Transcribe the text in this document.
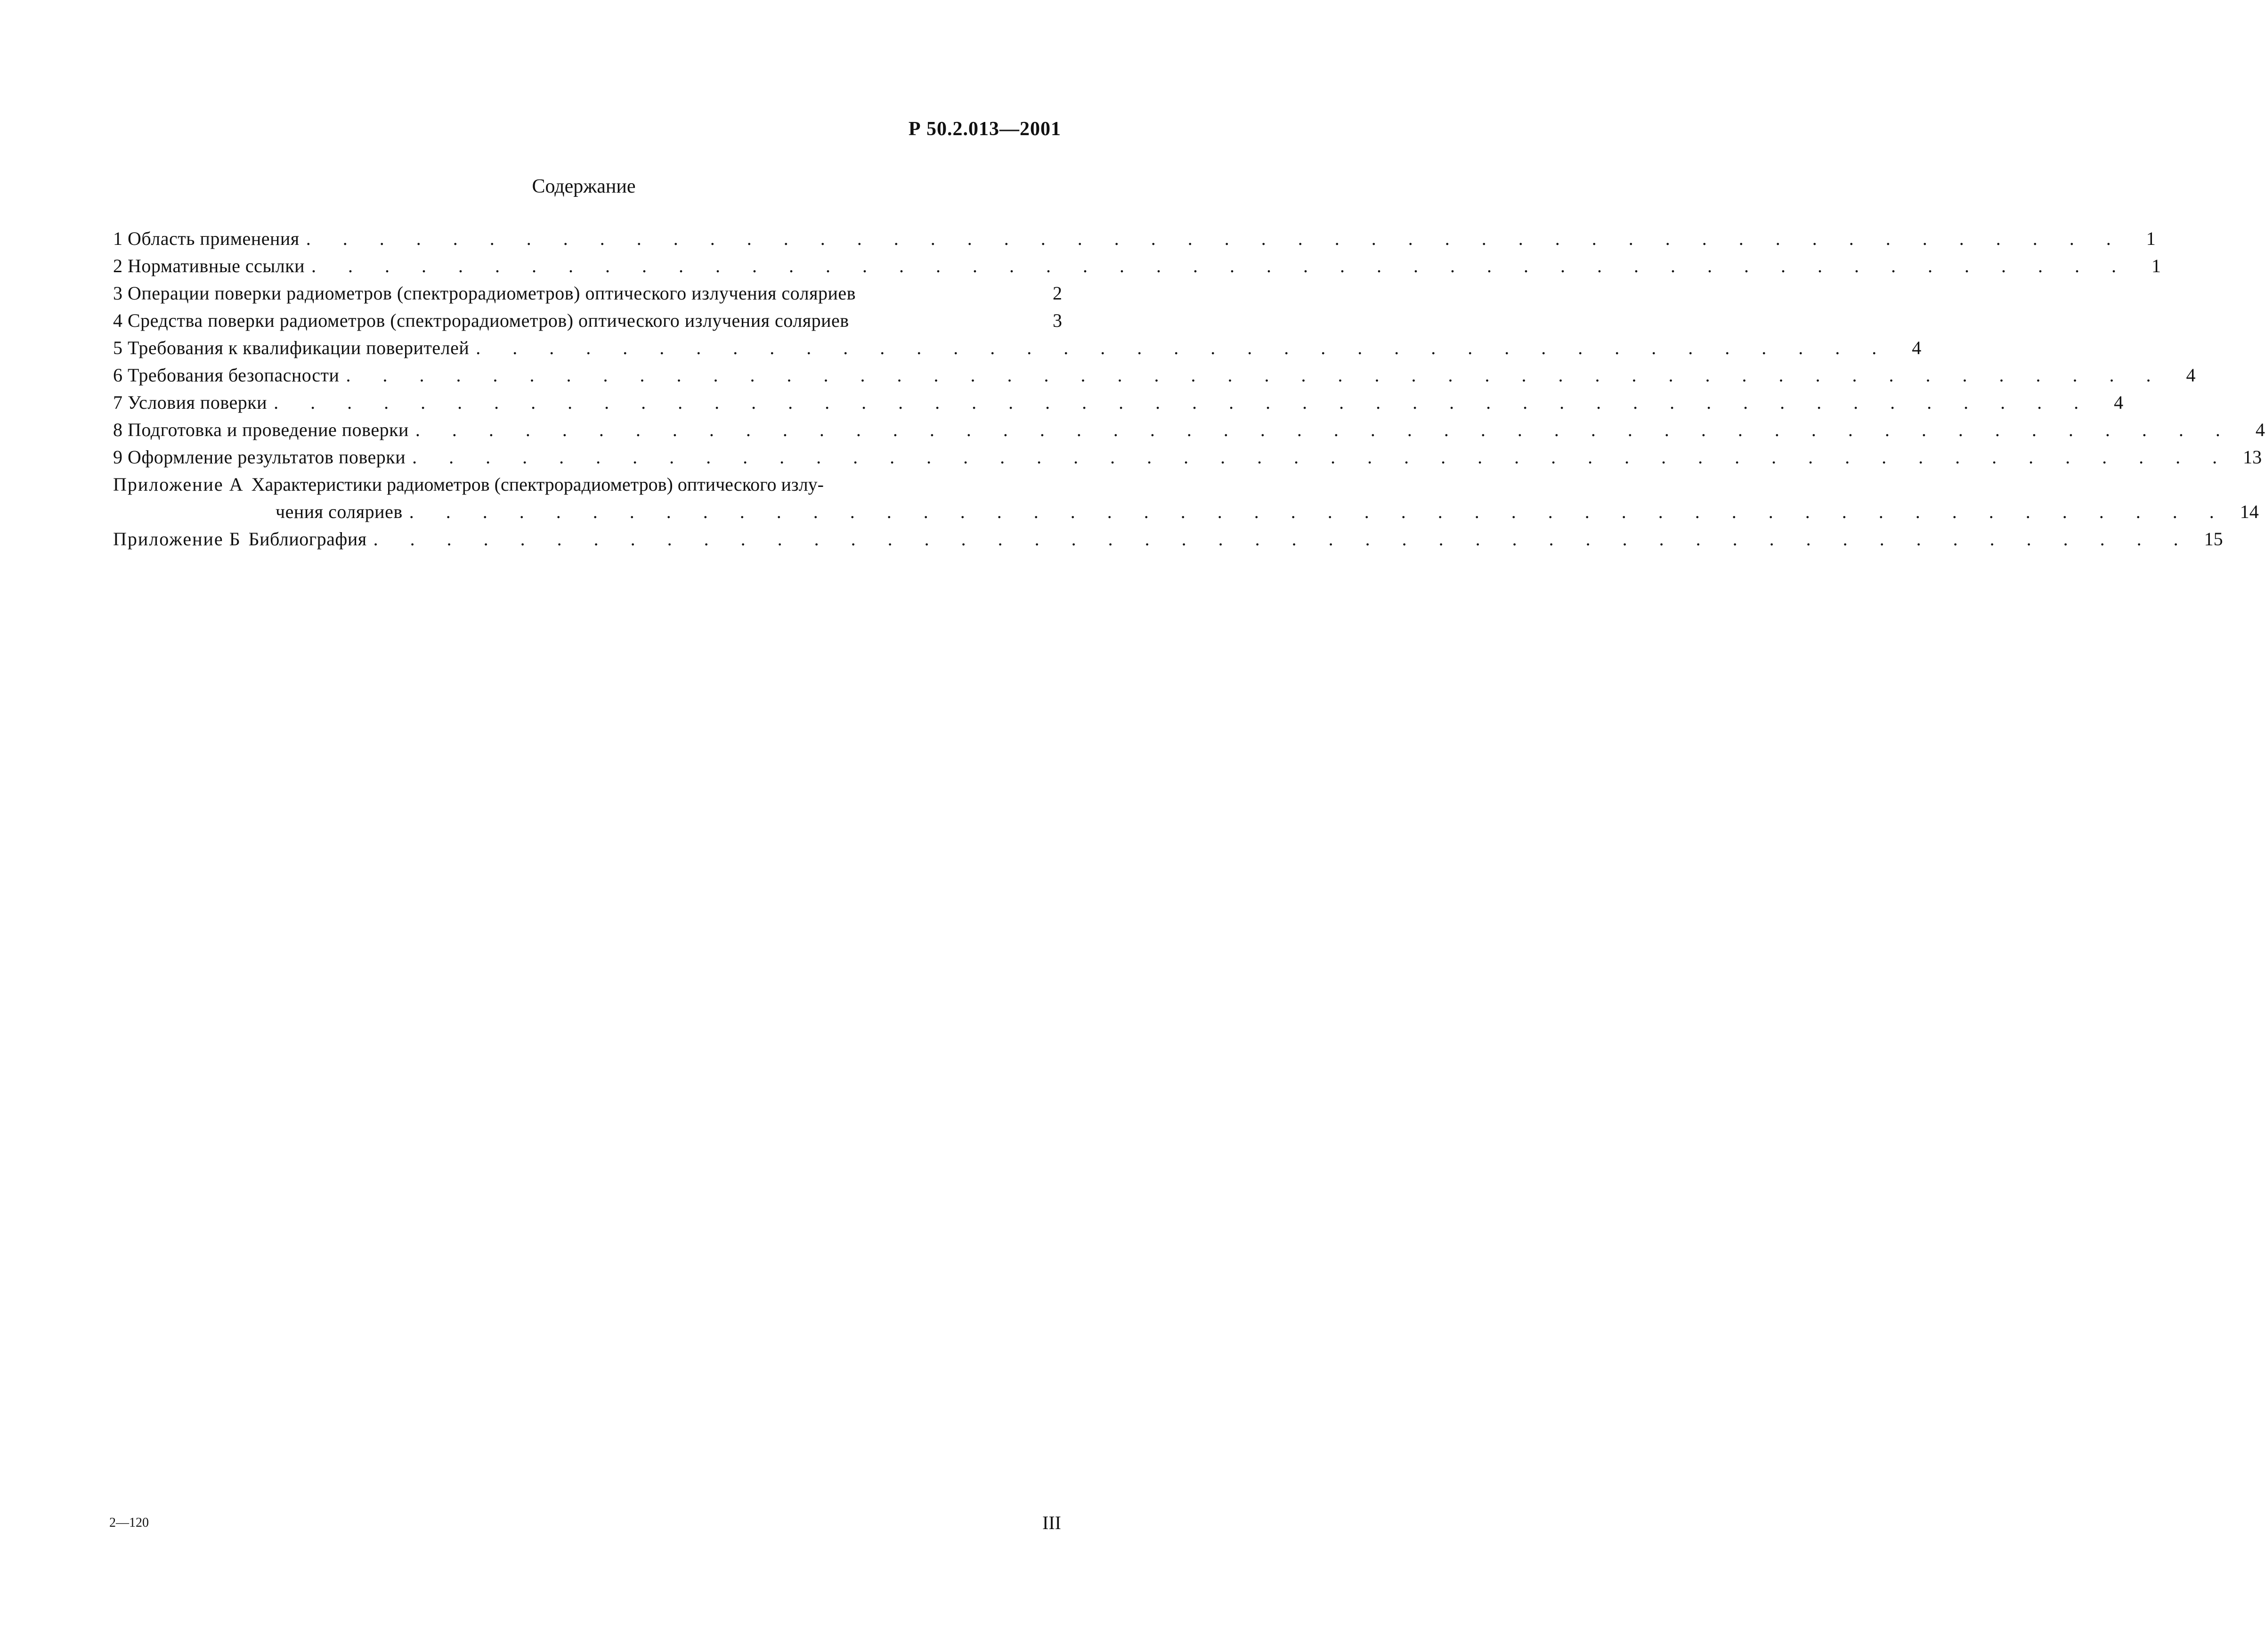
Р 50.2.013—2001
Содержание
1 Область применения . . . . . . . . . . . . . . . . . . . . . . . . . . . . . . . . . . . . . . . . . . . . . . . . . .	1
2 Нормативные ссылки . . . . . . . . . . . . . . . . . . . . . . . . . . . . . . . . . . . . . . . . . . . . . . . . . .	1
3 Операции поверки радиометров (спектрорадиометров) оптического излучения соляриев	2
4 Средства поверки радиометров (спектрорадиометров) оптического излучения соляриев	3
5 Требования к квалификации поверителей . . . . . . . . . . . . . . . . . . . . . . . . . . . . . . . . . . . . . . .	4
6 Требования безопасности . . . . . . . . . . . . . . . . . . . . . . . . . . . . . . . . . . . . . . . . . . . . . . . . . .	4
7 Условия поверки . . . . . . . . . . . . . . . . . . . . . . . . . . . . . . . . . . . . . . . . . . . . . . . . . .	4
8 Подготовка и проведение поверки . . . . . . . . . . . . . . . . . . . . . . . . . . . . . . . . . . . . . . . . . . . . . . . . . .	4
9 Оформление результатов поверки . . . . . . . . . . . . . . . . . . . . . . . . . . . . . . . . . . . . . . . . . . . . . . . . . . 13
Приложение А Характеристики радиометров (спектрорадиометров) оптического излу-
чения соляриев . . . . . . . . . . . . . . . . . . . . . . . . . . . . . . . . . . . . . . . . . . . . . . . . . . 14
Приложение Б Библиография . . . . . . . . . . . . . . . . . . . . . . . . . . . . . . . . . . . . . . . . . . . . . . . . . . 15
2—120	III
